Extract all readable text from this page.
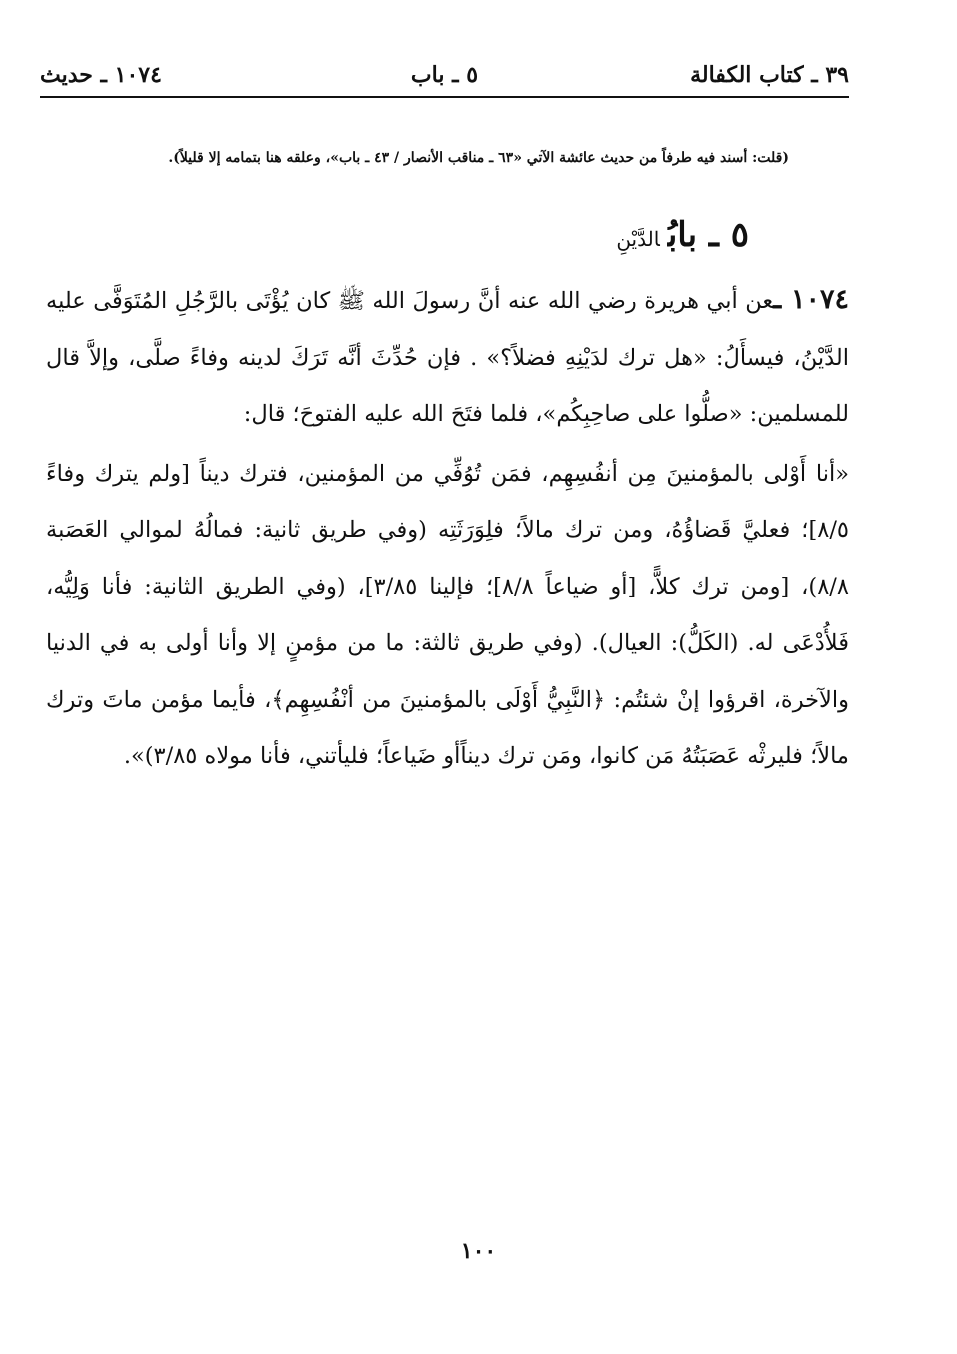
٣٩ ـ كتاب الكفالة
٥ ـ باب
١٠٧٤ ـ حديث
(قلت: أسند فيه طرفاً من حديث عائشة الآتي «٦٣ ـ مناقب الأنصار / ٤٣ ـ باب»، وعلقه هنا بتمامه إلا قليلاً).
٥ ـ بابُالدَّيْنِ

١٠٧٤ ـعن أبي هريرة رضي الله عنه أنَّ رسولَ الله ﷺ كان يُؤْتَى بالرَّجُلِ المُتَوَفَّى عليه الدَّيْنُ، فيسأَلُ: «هل ترك لدَيْنِهِ فضلاً؟» . فإن حُدِّثَ أنَّه تَرَكَ لدينه وفاءً صلَّى، وإلاَّ قال للمسلمين: «صلُّوا على صاحِبِكُم»، فلما فتَحَ الله عليه الفتوحَ؛ قال:

«أنا أَوْلى بالمؤمنينَ مِن أنفُسِهِم، فمَن تُوُفِّي من المؤمنين، فترك ديناً [ولم يترك وفاءً ٨/٥]؛ فعليَّ قَضاؤُهُ، ومن ترك مالاً؛ فلِوَرَثَتِه (وفي طريق ثانية: فمالُهُ لموالي العَصَبة ٨/٨)، [ومن ترك كلاًّ، [أو ضياعاً ٨/٨]؛ فإلينا ٣/٨٥]، (وفي الطريق الثانية: فأنا وَلِيُّه، فَلأُدْعَى له. (الكَلُّ): العيال). (وفي طريق ثالثة: ما من مؤمنٍ إلا وأنا أولى به في الدنيا والآخرة، اقرؤوا إنْ شئتُم: ﴿النَّبِيُّ أَوْلَى بالمؤمنينَ من أنْفُسِهِم﴾، فأيما مؤمن ماتَ وترك مالاً؛ فليرثْه عَصَبَتُهُ مَن كانوا، ومَن ترك ديناًأو ضَياعاً؛ فليأتني، فأنا مولاه ٣/٨٥)».

١٠٠
